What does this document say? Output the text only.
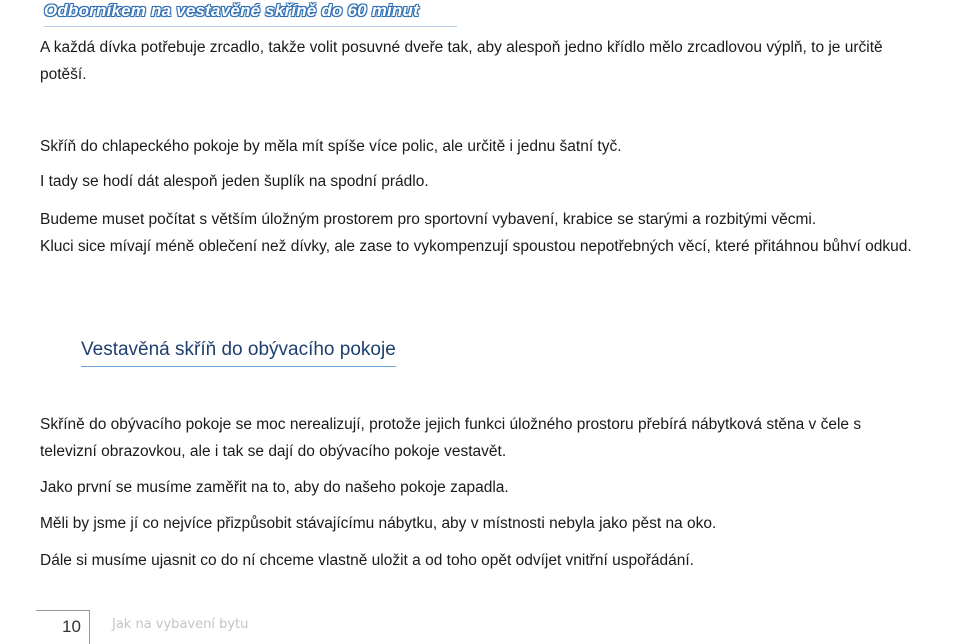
Odborníkem na vestavěné skříně do 60 minut

A každá dívka potřebuje zrcadlo, takže volit posuvné dveře tak, aby alespoň jedno křídlo mělo zrcadlovou výplň, to je určitě potěší.

Skříň do chlapeckého pokoje by měla mít spíše více polic, ale určitě i jednu šatní tyč.

I tady se hodí dát alespoň jeden šuplík na spodní prádlo.

Budeme muset počítat s větším úložným prostorem pro sportovní vybavení, krabice se starými a rozbitými věcmi.

Kluci sice mívají méně oblečení než dívky, ale zase to vykompenzují spoustou nepotřebných věcí, které přitáhnou bůhví odkud.

Vestavěná skříň do obývacího pokoje

Skříně do obývacího pokoje se moc nerealizují, protože jejich funkci úložného prostoru přebírá nábytková stěna v čele s televizní obrazovkou, ale i tak se dají do obývacího pokoje vestavět.

Jako první se musíme zaměřit na to, aby do našeho pokoje zapadla.

Měli by jsme jí co nejvíce přizpůsobit stávajícímu nábytku, aby v místnosti nebyla jako pěst na oko.

Dále si musíme ujasnit co do ní chceme vlastně uložit a od toho opět odvíjet vnitřní uspořádání.

10 Jak na vybavení bytu
